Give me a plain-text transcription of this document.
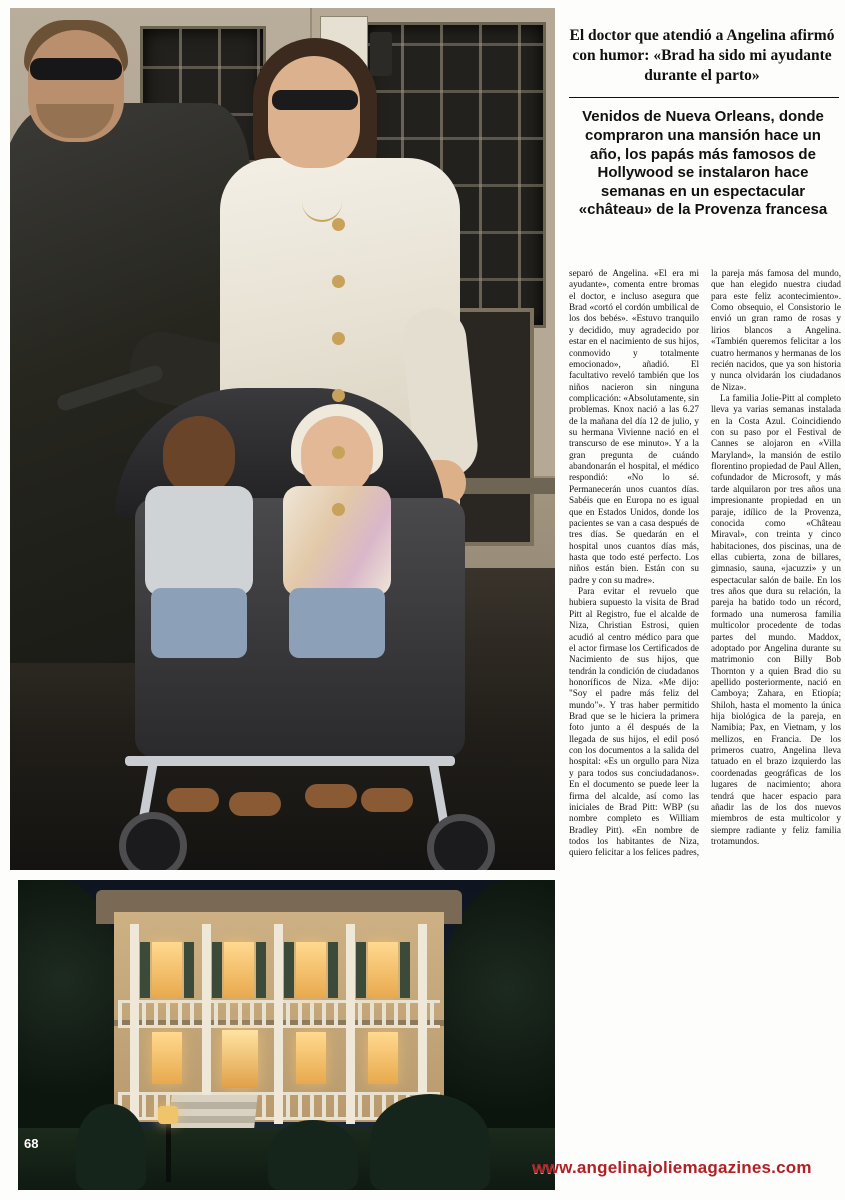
68
El doctor que atendió a Angelina afirmó con humor: «Brad ha sido mi ayudante durante el parto»
Venidos de Nueva Orleans, donde compraron una mansión hace un año, los papás más famosos de Hollywood se instalaron hace semanas en un espectacular «château» de la Provenza francesa

separó de Angelina. «El era mi ayudante», comenta entre bromas el doctor, e incluso asegura que Brad «cortó el cordón umbilical de los dos bebés». «Estuvo tranquilo y decidido, muy agradecido por estar en el nacimiento de sus hijos, conmovido y totalmente emocionado», añadió. El facultativo reveló también que los niños nacieron sin ninguna complicación: «Absolutamente, sin problemas. Knox nació a las 6.27 de la mañana del día 12 de julio, y su hermana Vivienne nació en el transcurso de ese minuto». Y a la gran pregunta de cuándo abandonarán el hospital, el médico respondió: «No lo sé. Permanecerán unos cuantos días. Sabéis que en Europa no es igual que en Estados Unidos, donde los pacientes se van a casa después de tres días. Se quedarán en el hospital unos cuantos días más, hasta que todo esté perfecto. Los niños están bien. Están con su padre y con su madre».

Para evitar el revuelo que hubiera supuesto la visita de Brad Pitt al Registro, fue el alcalde de Niza, Christian Estrosi, quien acudió al centro médico para que el actor firmase los Certificados de Nacimiento de sus hijos, que tendrán la condición de ciudadanos honoríficos de Niza. «Me dijo: "Soy el padre más feliz del mundo"». Y tras haber permitido Brad que se le hiciera la primera foto junto a él después de la llegada de sus hijos, el edil posó con los documentos a la salida del hospital: «Es un orgullo para Niza y para todos sus conciudadanos». En el documento se puede leer la firma del alcalde, así como las iniciales de Brad Pitt: WBP (su nombre completo es William Bradley Pitt). «En nombre de todos los habitantes de Niza, quiero felicitar a los felices padres, la pareja más famosa del mundo, que han elegido nuestra ciudad para este feliz acontecimiento». Como obsequio, el Consistorio le envió un gran ramo de rosas y lirios blancos a Angelina. «También queremos felicitar a los cuatro hermanos y hermanas de los recién nacidos, que ya son historia y nunca olvidarán los ciudadanos de Niza».

La familia Jolie-Pitt al completo lleva ya varias semanas instalada en la Costa Azul. Coincidiendo con su paso por el Festival de Cannes se alojaron en «Villa Maryland», la mansión de estilo florentino propiedad de Paul Allen, cofundador de Microsoft, y más tarde alquilaron por tres años una impresionante propiedad en un paraje, idílico de la Provenza, conocida como «Château Miraval», con treinta y cinco habitaciones, dos piscinas, una de ellas cubierta, zona de billares, gimnasio, sauna, «jacuzzi» y un espectacular salón de baile. En los tres años que dura su relación, la pareja ha batido todo un récord, formado una numerosa familia multicolor procedente de todas partes del mundo. Maddox, adoptado por Angelina durante su matrimonio con Billy Bob Thornton y a quien Brad dio su apellido posteriormente, nació en Camboya; Zahara, en Etiopía; Shiloh, hasta el momento la única hija biológica de la pareja, en Namibia; Pax, en Vietnam, y los mellizos, en Francia. De los primeros cuatro, Angelina lleva tatuado en el brazo izquierdo las coordenadas geográficas de los lugares de nacimiento; ahora tendrá que hacer espacio para añadir las de los dos nuevos miembros de esta multicolor y siempre radiante y feliz familia trotamundos.

www.angelinajoliemagazines.com
